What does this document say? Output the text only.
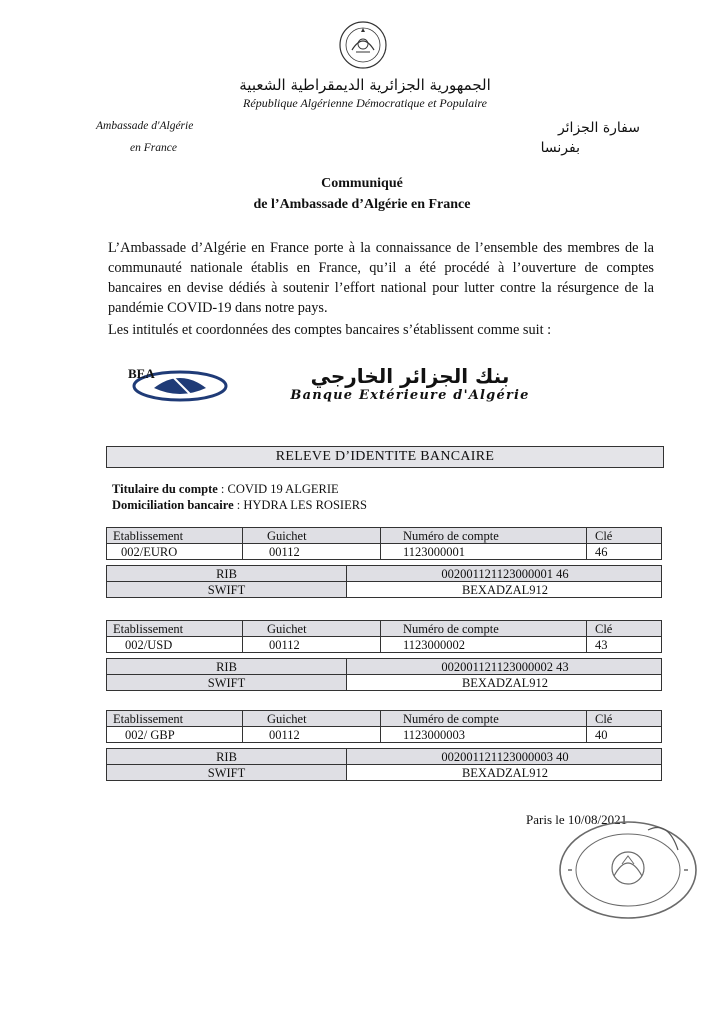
الجمهورية الجزائرية الديمقراطية الشعبية
République Algérienne Démocratique et Populaire
Ambassade d'Algérie
en France
سفارة الجزائر
بفرنسا
Communiqué
de l’Ambassade d’Algérie en France
L’Ambassade d’Algérie en France porte à la connaissance de l’ensemble des membres de la communauté nationale établis en France, qu’il a été procédé à l’ouverture de comptes bancaires en devise dédiés à soutenir l’effort national pour lutter contre la résurgence de la pandémie COVID-19 dans notre pays.
Les intitulés et coordonnées des comptes bancaires s’établissent comme suit :
BEA	بنك الجزائر الخارجي
Banque Extérieure d'Algérie
RELEVE D’IDENTITE BANCAIRE
Titulaire du compte : COVID 19 ALGERIE
Domiciliation bancaire : HYDRA LES ROSIERS
Etablissement	Guichet	Numéro de compte	Clé
002/EURO	00112	1123000001	46
RIB	002001121123000001 46
SWIFT	BEXADZAL912
Etablissement	Guichet	Numéro de compte	Clé
002/USD	00112	1123000002	43
RIB	002001121123000002 43
SWIFT	BEXADZAL912
Etablissement	Guichet	Numéro de compte	Clé
002/ GBP	00112	1123000003	40
RIB	002001121123000003 40
SWIFT	BEXADZAL912
Paris le 10/08/2021
